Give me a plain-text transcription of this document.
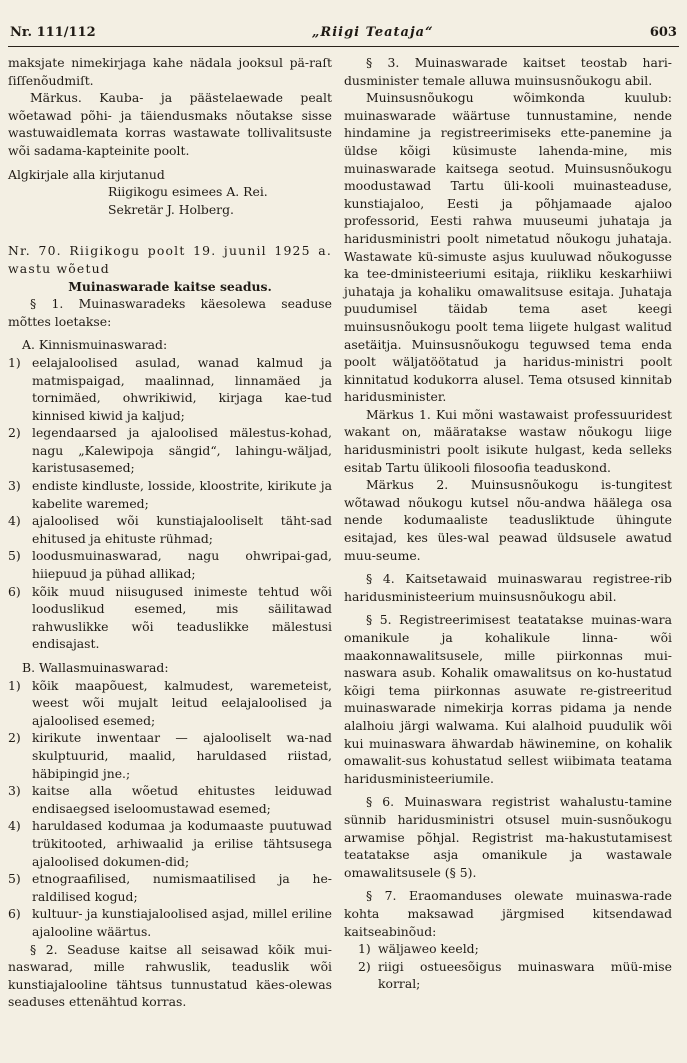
Nr. 111/112	„Riigi Teataja“	603

maksjate nimekirjaga kahe nädala jooksul pä-raſt ſiſſenõudmiſt.

Märkus. Kauba- ja päästelaewade pealt wõetawad põhi- ja täiendusmaks nõutakse sisse wastuwaidlemata korras wastawate tollivalitsuste wõi sadama-kapteinite poolt.

Algkirjale alla kirjutanud

Riigikogu esimees A. Rei.

Sekretär J. Holberg.

Nr. 70. Riigikogu poolt 19. juunil 1925 a. wastu wõetud

Muinaswarade kaitse seadus.

§ 1. Muinaswaradeks käesolewa seaduse mõttes loetakse:

A. Kinnismuinaswarad:

1) eelajaloolised asulad, wanad kalmud ja matmispaigad, maalinnad, linnamäed ja tornimäed, ohwrikiwid, kirjaga kae-tud kinnised kiwid ja kaljud;
2) legendaarsed ja ajaloolised mälestus-kohad, nagu „Kalewipoja sängid“, lahingu-wäljad, karistusasemed;
3) endiste kindluste, losside, kloostrite, kirikute ja kabelite waremed;
4) ajaloolised wõi kunstiajalooliselt täht-sad ehitused ja ehituste rühmad;
5) loodusmuinaswarad, nagu ohwripai-gad, hiiepuud ja pühad allikad;
6) kõik muud niisugused inimeste tehtud wõi looduslikud esemed, mis säilitawad rahwuslikke wõi teaduslikke mälestusi endisajast.

B. Wallasmuinaswarad:

1) kõik maapõuest, kalmudest, waremeteist, weest wõi mujalt leitud eelajaloolised ja ajaloolised esemed;
2) kirikute inwentaar — ajalooliselt wa-nad skulptuurid, maalid, haruldased riistad, häbipingid jne.;
3) kaitse alla wõetud ehitustes leiduwad endisaegsed iseloomustawad esemed;
4) haruldased kodumaa ja kodumaaste puutuwad trükitooted, arhiwaalid ja erilise tähtsusega ajaloolised dokumen-did;
5) etnograafilised, numismaatilised ja he-raldilised kogud;
6) kultuur- ja kunstiajaloolised asjad, millel eriline ajalooline wäärtus.

§ 2. Seaduse kaitse all seisawad kõik mui-naswarad, mille rahwuslik, teaduslik wõi kunstiajalooline tähtsus tunnustatud käes-olewas seaduses ettenähtud korras.

§ 3. Muinaswarade kaitset teostab hari-dusminister temale alluwa muinsusnõukogu abil.

Muinsusnõukogu wõimkonda kuulub: muinaswarade wäärtuse tunnustamine, nende hindamine ja registreerimiseks ette-panemine ja üldse kõigi küsimuste lahenda-mine, mis muinaswarade kaitsega seotud. Muinsusnõukogu moodustawad Tartu üli-kooli muinasteaduse, kunstiajaloo, Eesti ja põhjamaade ajaloo professorid, Eesti rahwa muuseumi juhataja ja haridusministri poolt nimetatud nõukogu juhataja. Wastawate kü-simuste asjus kuuluwad nõukogusse ka tee-dministeeriumi esitaja, riikliku keskarhiiwi juhataja ja kohaliku omawalitsuse esitaja. Juhataja puudumisel täidab tema aset keegi muinsusnõukogu poolt tema liigete hulgast walitud asetäitja. Muinsusnõukogu teguwsed tema enda poolt wäljatöötatud ja haridus-ministri poolt kinnitatud kodukorra alusel. Tema otsused kinnitab haridusminister.

Märkus 1. Kui mõni wastawaist professuuridest wakant on, määratakse wastaw nõukogu liige haridusministri poolt isikute hulgast, keda selleks esitab Tartu ülikooli filosoofia teaduskond.

Märkus 2. Muinsusnõukogu is-tungitest wõtawad nõukogu kutsel nõu-andwa häälega osa nende kodumaaliste teadusliktude ühingute esitajad, kes üles-wal peawad üldsusele awatud muu-seume.

§ 4. Kaitsetawaid muinaswarau registree-rib haridusministeerium muinsusnõukogu abil.

§ 5. Registreerimisest teatatakse muinas-wara omanikule ja kohalikule linna- wõi maakonnawalitsusele, mille piirkonnas mui-naswara asub. Kohalik omawalitsus on ko-hustatud kõigi tema piirkonnas asuwate re-gistreeritud muinaswarade nimekirja korras pidama ja nende alalhoiu järgi walwama. Kui alalhoid puudulik wõi kui muinaswara ähwardab häwinemine, on kohalik omawalit-sus kohustatud sellest wiibimata teatama haridusministeeriumile.

§ 6. Muinaswara registrist wahalustu-tamine sünnib haridusministri otsusel muin-susnõukogu arwamise põhjal. Registrist ma-hakustutamisest teatatakse asja omanikule ja wastawale omawalitsusele (§ 5).

§ 7. Eraomanduses olewate muinaswa-rade kohta maksawad järgmised kitsendawad kaitseabinõud:

1) wäljaweo keeld;
2) riigi ostueesõigus muinaswara müü-mise korral;
